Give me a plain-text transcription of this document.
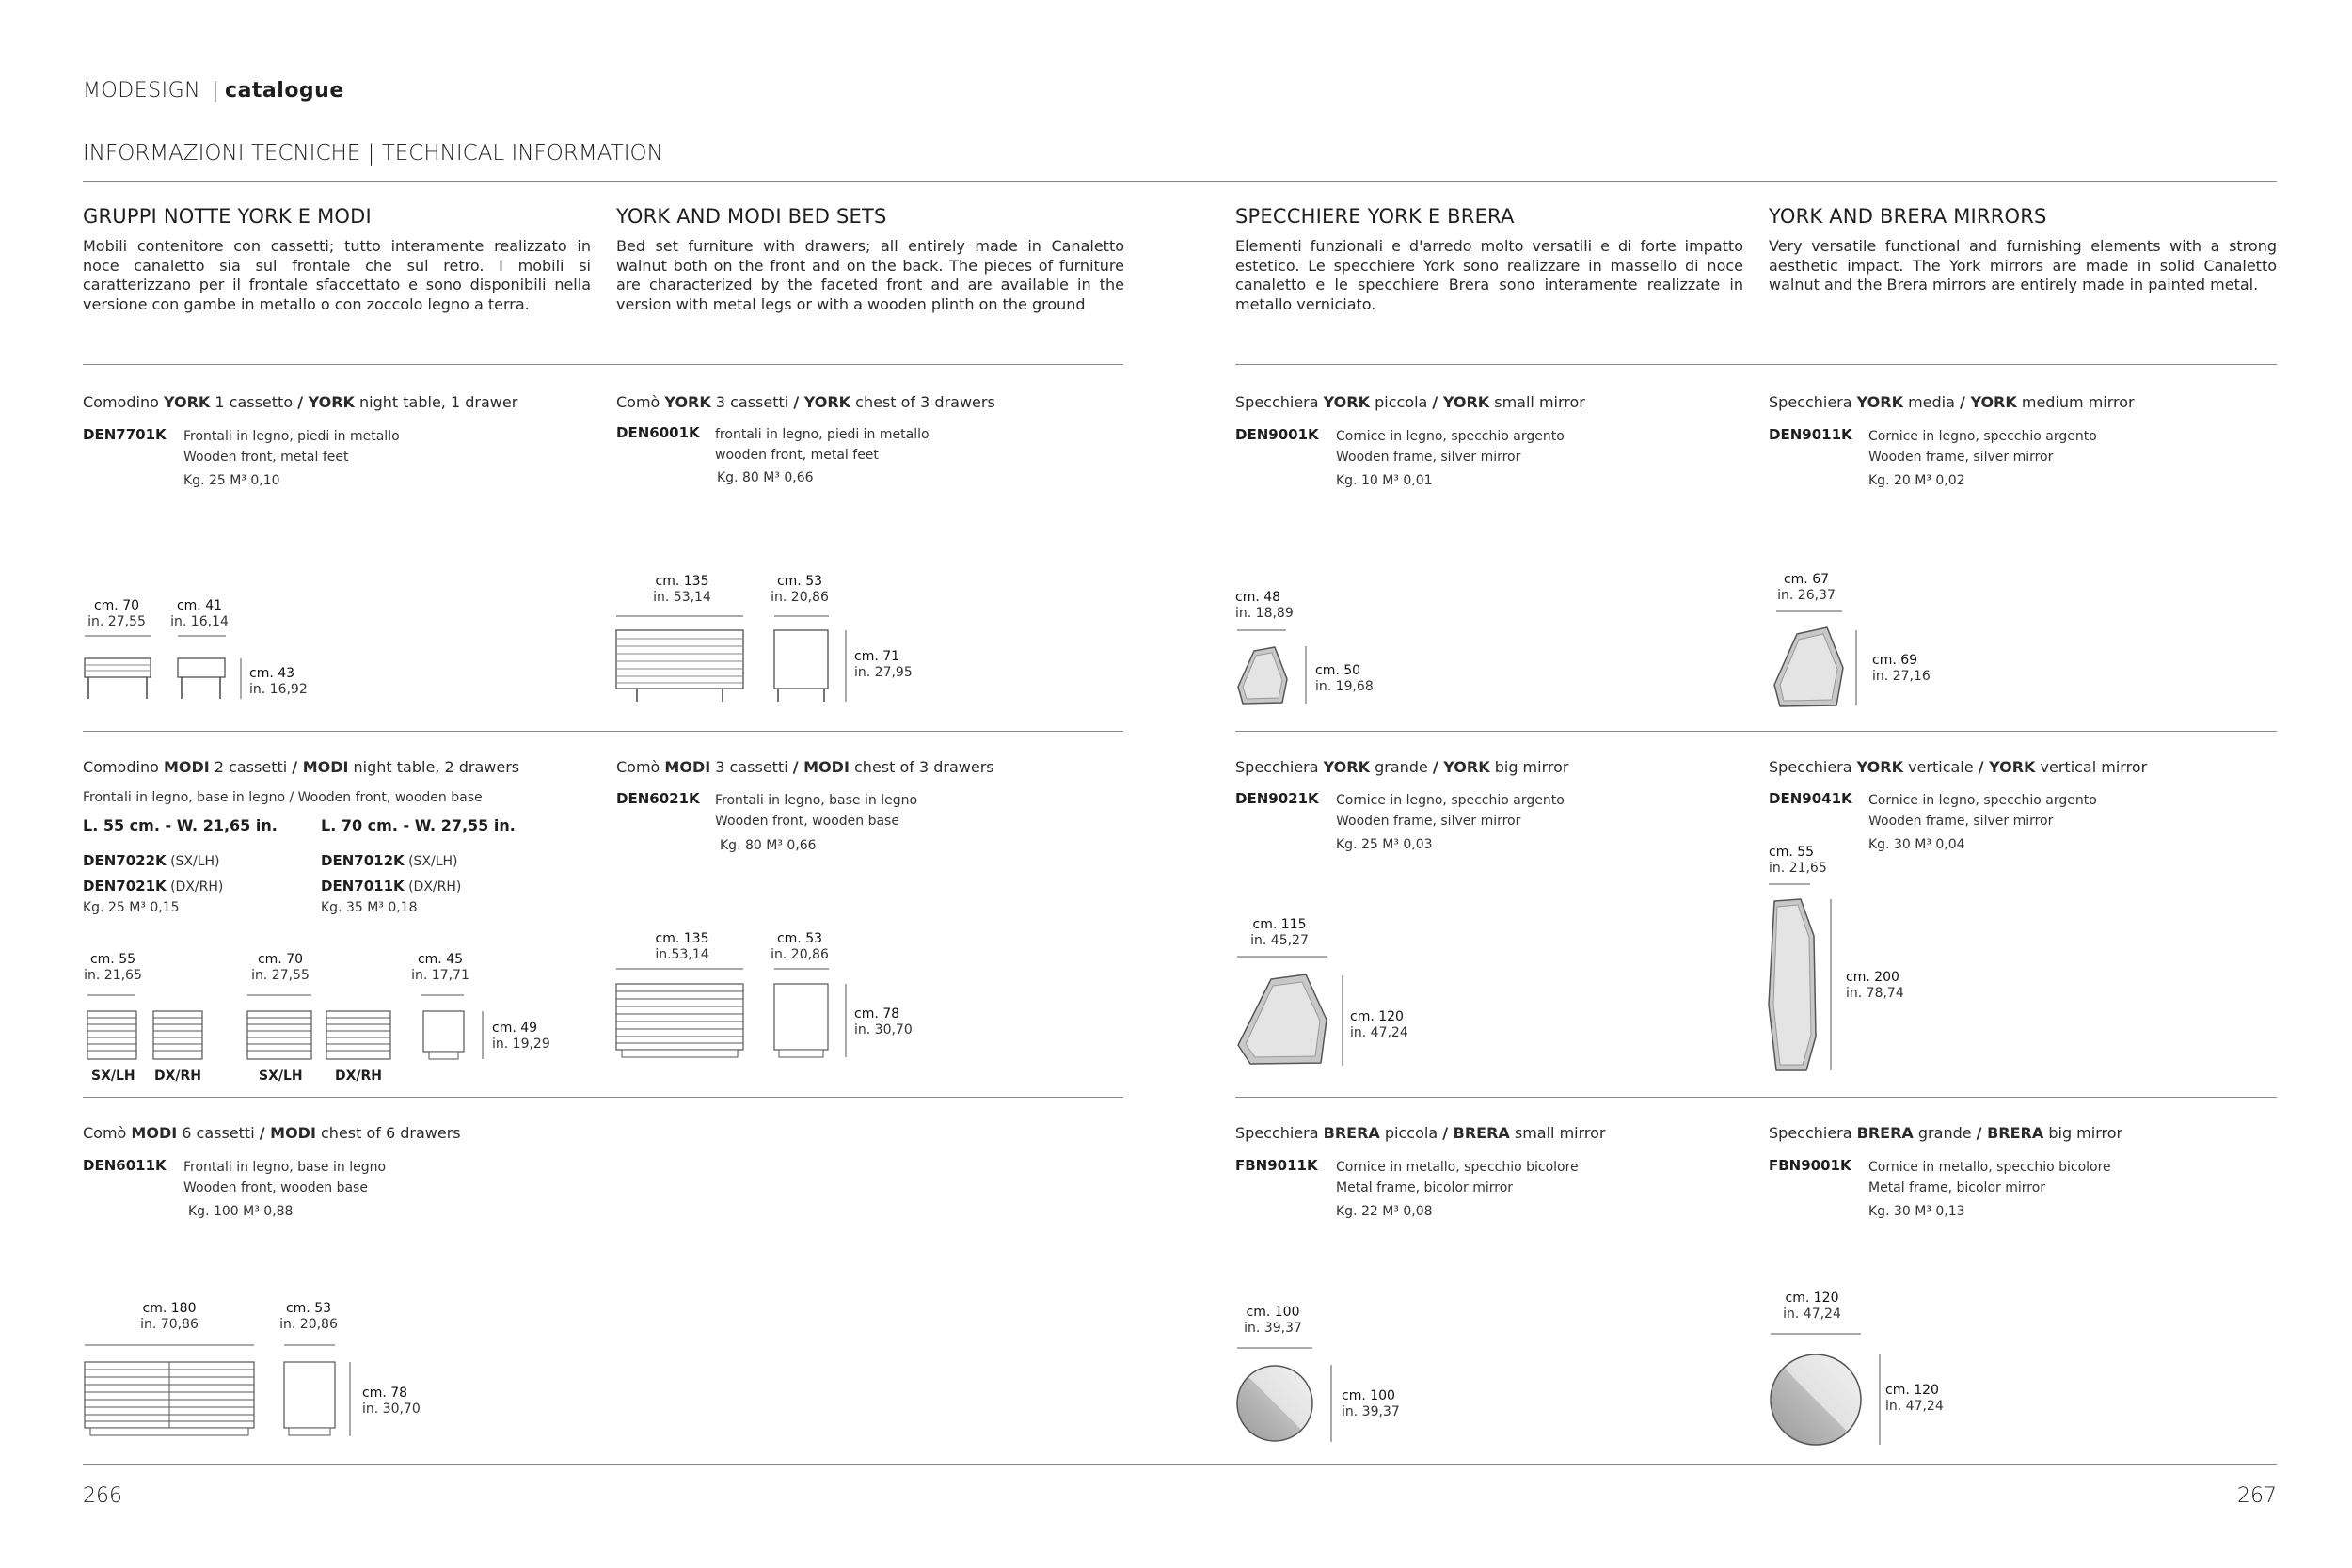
MODESIGN | catalogue
INFORMAZIONI TECNICHE | TECHNICAL INFORMATION
GRUPPI NOTTE YORK E MODI
Mobili contenitore con cassetti; tutto interamente realizzato in noce canaletto sia sul frontale che sul retro. I mobili si caratterizzano per il frontale sfaccettato e sono disponibili nella versione con gambe in metallo o con zoccolo legno a terra.
YORK AND MODI BED SETS
Bed set furniture with drawers; all entirely made in Canaletto walnut both on the front and on the back. The pieces of furniture are characterized by the faceted front and are available in the version with metal legs or with a wooden plinth on the ground
SPECCHIERE YORK E BRERA
Elementi funzionali e d'arredo molto versatili e di forte impatto estetico. Le specchiere York sono realizzare in massello di noce canaletto e le specchiere Brera sono interamente realizzate in metallo verniciato.
YORK AND BRERA MIRRORS
Very versatile functional and furnishing elements with a strong aesthetic impact. The York mirrors are made in solid Canaletto walnut and the Brera mirrors are entirely made in painted metal.
Comodino YORK 1 cassetto / YORK night table, 1 drawer
DEN7701K Frontali in legno, piedi in metallo
Wooden front, metal feet
Kg. 25 M³ 0,10
cm. 70
in. 27,55
cm. 41
in. 16,14
cm. 43
in. 16,92
Comò YORK 3 cassetti / YORK chest of 3 drawers
DEN6001K frontali in legno, piedi in metallo
wooden front, metal feet
Kg. 80 M³ 0,66
cm. 135
in. 53,14
cm. 53
in. 20,86
cm. 71
in. 27,95
Comodino MODI 2 cassetti / MODI night table, 2 drawers
Frontali in legno, base in legno / Wooden front, wooden base
L. 55 cm. - W. 21,65 in.	L. 70 cm. - W. 27,55 in.
DEN7022K (SX/LH)
DEN7021K (DX/RH)
DEN7012K (SX/LH)
DEN7011K (DX/RH)
Kg. 25 M³ 0,15	Kg. 35 M³ 0,18
cm. 55
in. 21,65
cm. 70
in. 27,55
cm. 45
in. 17,71
cm. 49
in. 19,29
SX/LH DX/RH	SX/LH DX/RH
Comò MODI 3 cassetti / MODI chest of 3 drawers
DEN6021K Frontali in legno, base in legno
Wooden front, wooden base
Kg. 80 M³ 0,66
cm. 135
in.53,14
cm. 53
in. 20,86
cm. 78
in. 30,70
Comò MODI 6 cassetti / MODI chest of 6 drawers
DEN6011K Frontali in legno, base in legno
Wooden front, wooden base
Kg. 100 M³ 0,88
cm. 180
in. 70,86
cm. 53
in. 20,86
cm. 78
in. 30,70
Specchiera YORK piccola / YORK small mirror
DEN9001K Cornice in legno, specchio argento
Wooden frame, silver mirror
Kg. 10 M³ 0,01
cm. 48
in. 18,89
cm. 50
in. 19,68
Specchiera YORK media / YORK medium mirror
DEN9011K Cornice in legno, specchio argento
Wooden frame, silver mirror
Kg. 20 M³ 0,02
cm. 67
in. 26,37
cm. 69
in. 27,16
Specchiera YORK grande / YORK big mirror
DEN9021K Cornice in legno, specchio argento
Wooden frame, silver mirror
Kg. 25 M³ 0,03
cm. 115
in. 45,27
cm. 120
in. 47,24
Specchiera YORK verticale / YORK vertical mirror
DEN9041K Cornice in legno, specchio argento
Wooden frame, silver mirror
Kg. 30 M³ 0,04
cm. 55
in. 21,65
cm. 200
in. 78,74
Specchiera BRERA piccola / BRERA small mirror
FBN9011K Cornice in metallo, specchio bicolore
Metal frame, bicolor mirror
Kg. 22 M³ 0,08
cm. 100
in. 39,37
cm. 100
in. 39,37
Specchiera BRERA grande / BRERA big mirror
FBN9001K Cornice in metallo, specchio bicolore
Metal frame, bicolor mirror
Kg. 30 M³ 0,13
cm. 120
in. 47,24
cm. 120
in. 47,24
266	267
